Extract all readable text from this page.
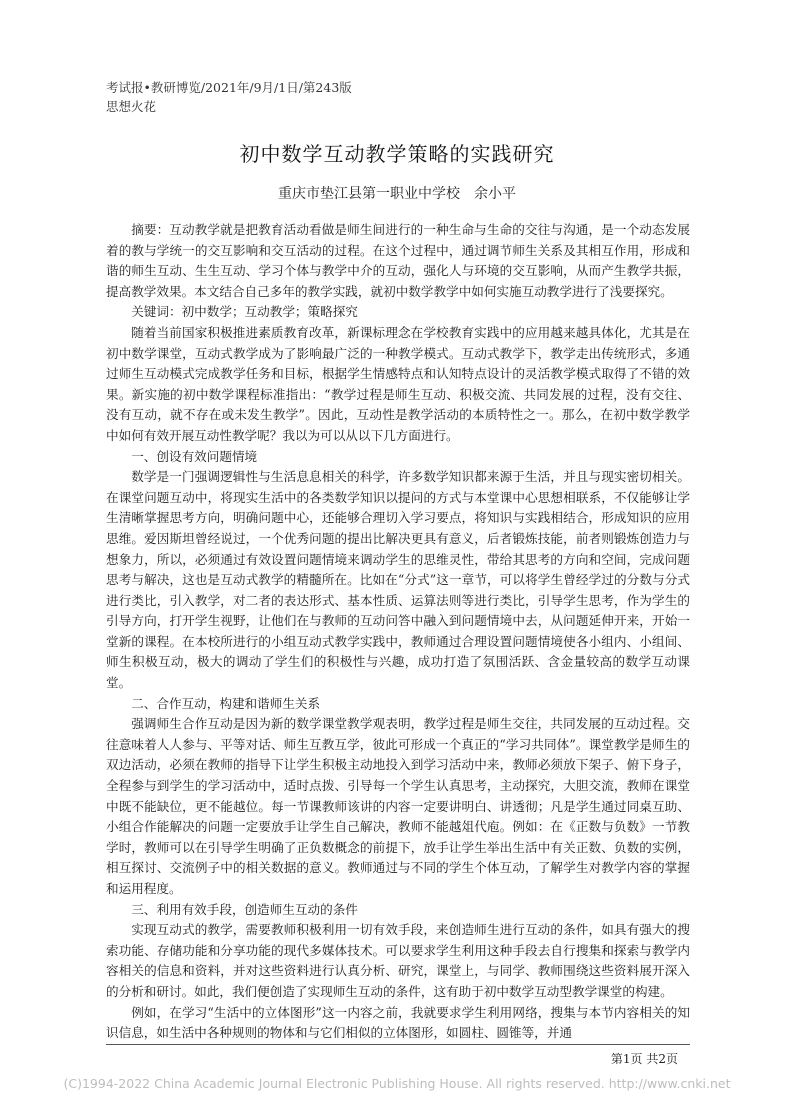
考试报•教研博览/2021年/9月/1日/第243版
思想火花
初中数学互动教学策略的实践研究
重庆市垫江县第一职业中学校　余小平

摘要：互动教学就是把教育活动看做是师生间进行的一种生命与生命的交往与沟通，是一个动态发展着的教与学统一的交互影响和交互活动的过程。在这个过程中，通过调节师生关系及其相互作用，形成和谐的师生互动、生生互动、学习个体与教学中介的互动，强化人与环境的交互影响，从而产生教学共振，提高教学效果。本文结合自己多年的教学实践，就初中数学教学中如何实施互动教学进行了浅要探究。

关键词：初中数学；互动教学；策略探究

随着当前国家积极推进素质教育改革，新课标理念在学校教育实践中的应用越来越具体化，尤其是在初中数学课堂，互动式教学成为了影响最广泛的一种教学模式。互动式教学下，教学走出传统形式，多通过师生互动模式完成教学任务和目标，根据学生情感特点和认知特点设计的灵活教学模式取得了不错的效果。新实施的初中数学课程标准指出：“教学过程是师生互动、积极交流、共同发展的过程，没有交往、没有互动，就不存在或未发生教学”。因此，互动性是教学活动的本质特性之一。那么，在初中数学教学中如何有效开展互动性教学呢？我以为可以从以下几方面进行。

一、创设有效问题情境

数学是一门强调逻辑性与生活息息相关的科学，许多数学知识都来源于生活，并且与现实密切相关。在课堂问题互动中，将现实生活中的各类数学知识以提问的方式与本堂课中心思想相联系，不仅能够让学生清晰掌握思考方向，明确问题中心，还能够合理切入学习要点，将知识与实践相结合，形成知识的应用思维。爱因斯坦曾经说过，一个优秀问题的提出比解决更具有意义，后者锻炼技能，前者则锻炼创造力与想象力，所以，必须通过有效设置问题情境来调动学生的思维灵性，带给其思考的方向和空间，完成问题思考与解决，这也是互动式教学的精髓所在。比如在“分式”这一章节，可以将学生曾经学过的分数与分式进行类比，引入教学，对二者的表达形式、基本性质、运算法则等进行类比，引导学生思考，作为学生的引导方向，打开学生视野，让他们在与教师的互动问答中融入到问题情境中去，从问题延伸开来，开始一堂新的课程。在本校所进行的小组互动式教学实践中，教师通过合理设置问题情境使各小组内、小组间、师生积极互动，极大的调动了学生们的积极性与兴趣，成功打造了氛围活跃、含金量较高的数学互动课堂。

二、合作互动，构建和谐师生关系

强调师生合作互动是因为新的数学课堂教学观表明，教学过程是师生交往，共同发展的互动过程。交往意味着人人参与、平等对话、师生互教互学，彼此可形成一个真正的“学习共同体”。课堂教学是师生的双边活动，必须在教师的指导下让学生积极主动地投入到学习活动中来，教师必须放下架子、俯下身子，全程参与到学生的学习活动中，适时点拨、引导每一个学生认真思考，主动探究，大胆交流，教师在课堂中既不能缺位，更不能越位。每一节课教师该讲的内容一定要讲明白、讲透彻；凡是学生通过同桌互助、小组合作能解决的问题一定要放手让学生自己解决，教师不能越俎代庖。例如：在《正数与负数》一节教学时，教师可以在引导学生明确了正负数概念的前提下，放手让学生举出生活中有关正数、负数的实例，相互探讨、交流例子中的相关数据的意义。教师通过与不同的学生个体互动，了解学生对教学内容的掌握和运用程度。

三、利用有效手段，创造师生互动的条件

实现互动式的教学，需要教师积极利用一切有效手段，来创造师生进行互动的条件，如具有强大的搜索功能、存储功能和分享功能的现代多媒体技术。可以要求学生利用这种手段去自行搜集和探索与教学内容相关的信息和资料，并对这些资料进行认真分析、研究，课堂上，与同学、教师围绕这些资料展开深入的分析和研讨。如此，我们便创造了实现师生互动的条件，这有助于初中数学互动型教学课堂的构建。

例如，在学习“生活中的立体图形”这一内容之前，我就要求学生利用网络，搜集与本节内容相关的知识信息，如生活中各种规则的物体和与它们相似的立体图形，如圆柱、圆锥等，并通

第1页 共2页
(C)1994-2022 China Academic Journal Electronic Publishing House. All rights reserved. http://www.cnki.net
